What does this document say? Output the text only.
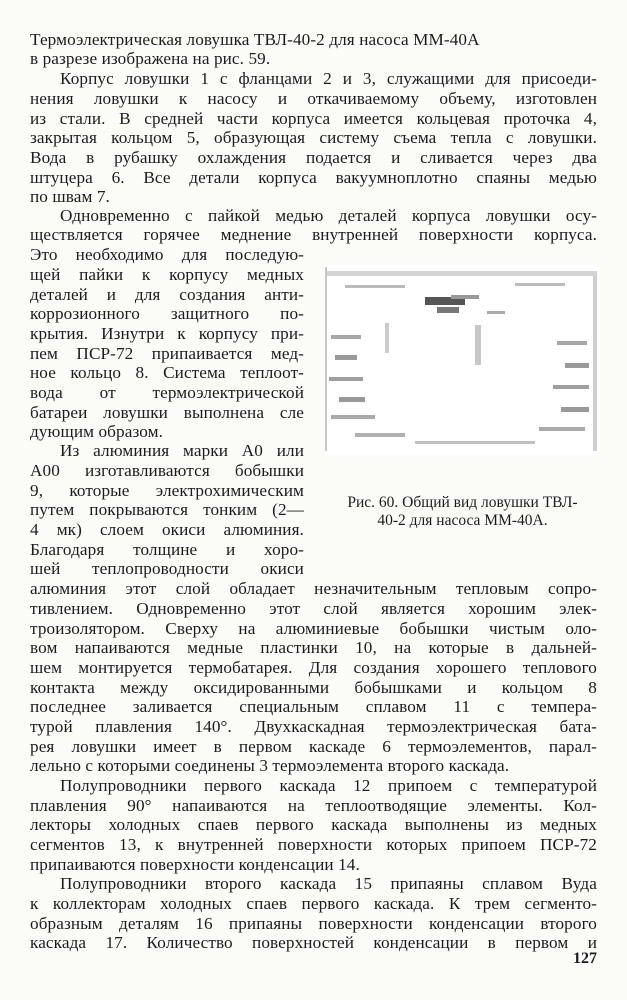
Термоэлектрическая ловушка ТВЛ-40-2 для насоса ММ-40А
в разрезе изображена на рис. 59.
Корпус ловушки 1 с фланцами 2 и 3, служащими для присоеди-
нения ловушки к насосу и откачиваемому объему, изготовлен
из стали. В средней части корпуса имеется кольцевая проточка 4,
закрытая кольцом 5, образующая систему съема тепла с ловушки.
Вода в рубашку охлаждения подается и сливается через два
штуцера 6. Все детали корпуса вакуумноплотно спаяны медью
по швам 7.
Одновременно с пайкой медью деталей корпуса ловушки осу-
ществляется горячее меднение внутренней поверхности корпуса.
Это необходимо для последую-
щей пайки к корпусу медных
деталей и для создания анти-
коррозионного защитного по-
крытия. Изнутри к корпусу при-
пем ПСР-72 припаивается мед-
ное кольцо 8. Система теплоот-
вода от термоэлектрической
батареи ловушки выполнена сле
дующим образом.
Из алюминия марки А0 или
А00 изготавливаются бобышки
9, которые электрохимическим
путем покрываются тонким (2—
4 мк) слоем окиси алюминия.
Благодаря толщине и хоро-
шей теплопроводности окиси
алюминия этот слой обладает незначительным тепловым сопро-
тивлением. Одновременно этот слой является хорошим элек-
троизолятором. Сверху на алюминиевые бобышки чистым оло-
вом напаиваются медные пластинки 10, на которые в дальней-
шем монтируется термобатарея. Для создания хорошего теплового
контакта между оксидированными бобышками и кольцом 8
последнее заливается специальным сплавом 11 с темпера-
турой плавления 140°. Двухкаскадная термоэлектрическая бата-
рея ловушки имеет в первом каскаде 6 термоэлементов, парал-
лельно с которыми соединены 3 термоэлемента второго каскада.
Полупроводники первого каскада 12 припоем с температурой
плавления 90° напаиваются на теплоотводящие элементы. Кол-
лекторы холодных спаев первого каскада выполнены из медных
сегментов 13, к внутренней поверхности которых припоем ПСР-72
припаиваются поверхности конденсации 14.
Полупроводники второго каскада 15 припаяны сплавом Вуда
к коллекторам холодных спаев первого каскада. К трем сегменто-
образным деталям 16 припаяны поверхности конденсации второго
каскада 17. Количество поверхностей конденсации в первом и
Рис. 60. Общий вид ловушки ТВЛ-
40-2 для насоса ММ-40А.
127
